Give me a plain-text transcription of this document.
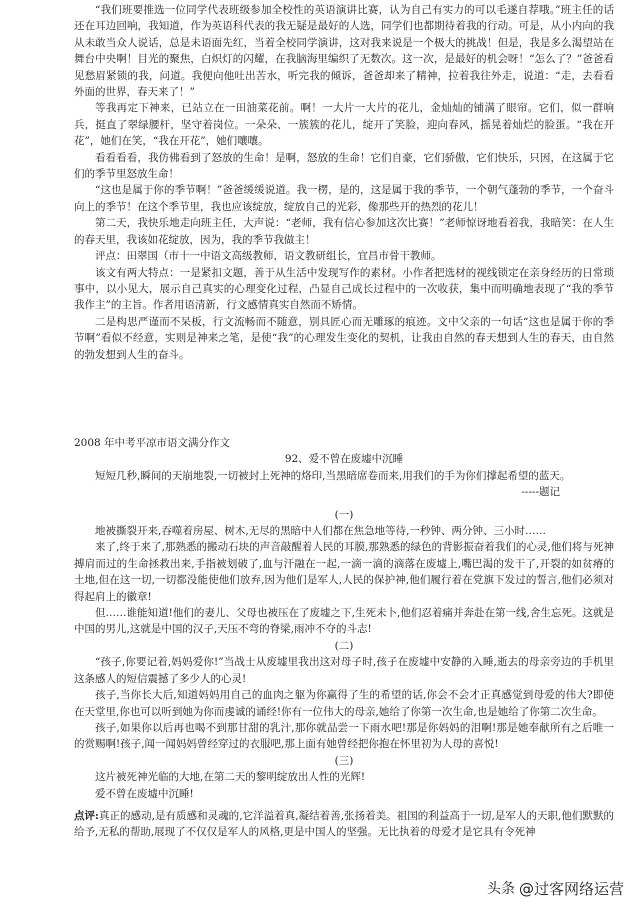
“我们班要推选一位同学代表班级参加全校性的英语演讲比赛，认为自己有实力的可以毛遂自荐哦。”班主任的话还在耳边回响，我知道，作为英语科代表的我无疑是最好的人选，同学们也都期待着我的行动。可是，从小内向的我从未敢当众人说话，总是未语面先红，当着全校同学演讲，这对我来说是一个极大的挑战！但是，我是多么渴望站在舞台中央啊！目光的聚焦，白炽灯的闪耀，在我脑海里编织了无数次。这一次，是最好的机会呀！“怎么了？”爸爸看见愁眉紧锁的我，问道。我便向他吐出苦水，听完我的倾诉，爸爸却来了精神，拉着我往外走，说道：“走，去看看外面的世界，春天来了！”

等我再定下神来，已站立在一田油菜花前。啊！一大片一大片的花儿，金灿灿的铺满了眼帘。它们，似一群响兵，挺直了翠绿腰杆，坚守着岗位。一朵朵、一簇簇的花儿，绽开了笑脸，迎向春风，摇晃着灿烂的脸蛋。“我在开花”，她们在笑，“我在开花”，她们嚷嚷。

看看看看，我仿佛看到了怒放的生命！是啊，怒放的生命！它们自豪，它们骄傲，它们快乐，只因，在这属于它们的季节里怒放生命！

“这也是属于你的季节啊！”爸爸缓缓说道。我一楞，是的，这是属于我的季节，一个朝气蓬勃的季节，一个奋斗向上的季节！在这个季节里，我也应该绽放，绽放自己的光彩，像那些开的热烈的花儿！

第二天，我快乐地走向班主任，大声说：“老师，我有信心参加这次比赛！”老师惊讶地看着我，我暗笑：在人生的春天里，我该如花绽放，因为，我的季节我做主！

评点：田翠国（市十一中语文高级教师，语文教研组长，宜昌市骨干教师。

该文有两大特点：一是紧扣文题，善于从生活中发现写作的素材。小作者把选材的视线锁定在亲身经历的日常琐事中，以小见大，展示自己真实的心理变化过程，凸显自己成长过程中的一次收获，集中而明确地表现了“我的季节我作主”的主旨。作者用语清新，行文感情真实自然而不矫情。

二是构思严谨而不呆板，行文流畅而不随意，别具匠心而无雕琢的痕迹。文中父亲的一句话“这也是属于你的季节啊”看似不经意，实则是神来之笔，是使“我”的心理发生变化的契机，让我由自然的春天想到人生的春天，由自然的勃发想到人生的奋斗。

2008 年中考平凉市语文满分作文

92、爱不曾在废墟中沉睡

短短几秒,瞬间的天崩地裂,一切被封上死神的烙印,当黑暗席卷而来,用我们的手为你们撑起希望的蓝天。

-----题记

(一)

地被撕裂开来,吞噬着房屋、树木,无尽的黑暗中人们都在焦急地等待,一秒钟、两分钟、三小时……

来了,终于来了,那熟悉的搬动石块的声音敲醒着人民的耳膜,那熟悉的绿色的背影振奋着我们的心灵,他们将与死神搏肩而过的生命拯救出来,手指被划破了,血与汗融在一起,一滴一滴的滴落在废墟上,嘴巴渴的发干了,开裂的如贫瘠的土地,但在这一切,一切都没能使他们放弃,因为他们是军人,人民的保护神,他们履行着在党旗下发过的誓言,他们必须对得起肩上的徽章!

但……谁能知道!他们的妻儿、父母也被压在了废墟之下,生死未卜,他们忍着痛并奔赴在第一线,舍生忘死。这就是中国的男儿,这就是中国的汉子,天压不弯的脊梁,雨冲不夺的斗志!

(二)

“孩子,你要记着,妈妈爱你!”当战士从废墟里我出这对母子时,孩子在废墟中安静的入睡,逝去的母亲旁边的手机里这条感人的短信震撼了多少人的心灵!

孩子,当你长大后,知道妈妈用自己的血肉之躯为你赢得了生的希望的话,你会不会才正真感觉到母爱的伟大?即使在天堂里,你也可以听到她为你而虔诚的诵经!你有一位伟大的母亲,她给了你第一次生命,也是她给了你第二次生命。

孩子,如果你以后再也喝不到那甘甜的乳汁,那你就品尝一下雨水吧!那是你妈妈的泪啊!那是她奉献所有之后唯一的赏赐啊!孩子,闻一闻妈妈曾经穿过的衣服吧,那上面有她曾经把你抱在怀里初为人母的喜悦!

(三)

这片被死神光临的大地,在第二天的黎明绽放出人性的光辉!

爱不曾在废墟中沉睡!

点评:真正的感动,是有质感和灵魂的,它洋溢着真,凝结着善,张扬着美。祖国的利益高于一切,是军人的天职,他们默默的给予,无私的帮助,展现了不仅仅是军人的风格,更是中国人的坚强。无比执着的母爱才是它具有令死神

头条 @过客网络运营
